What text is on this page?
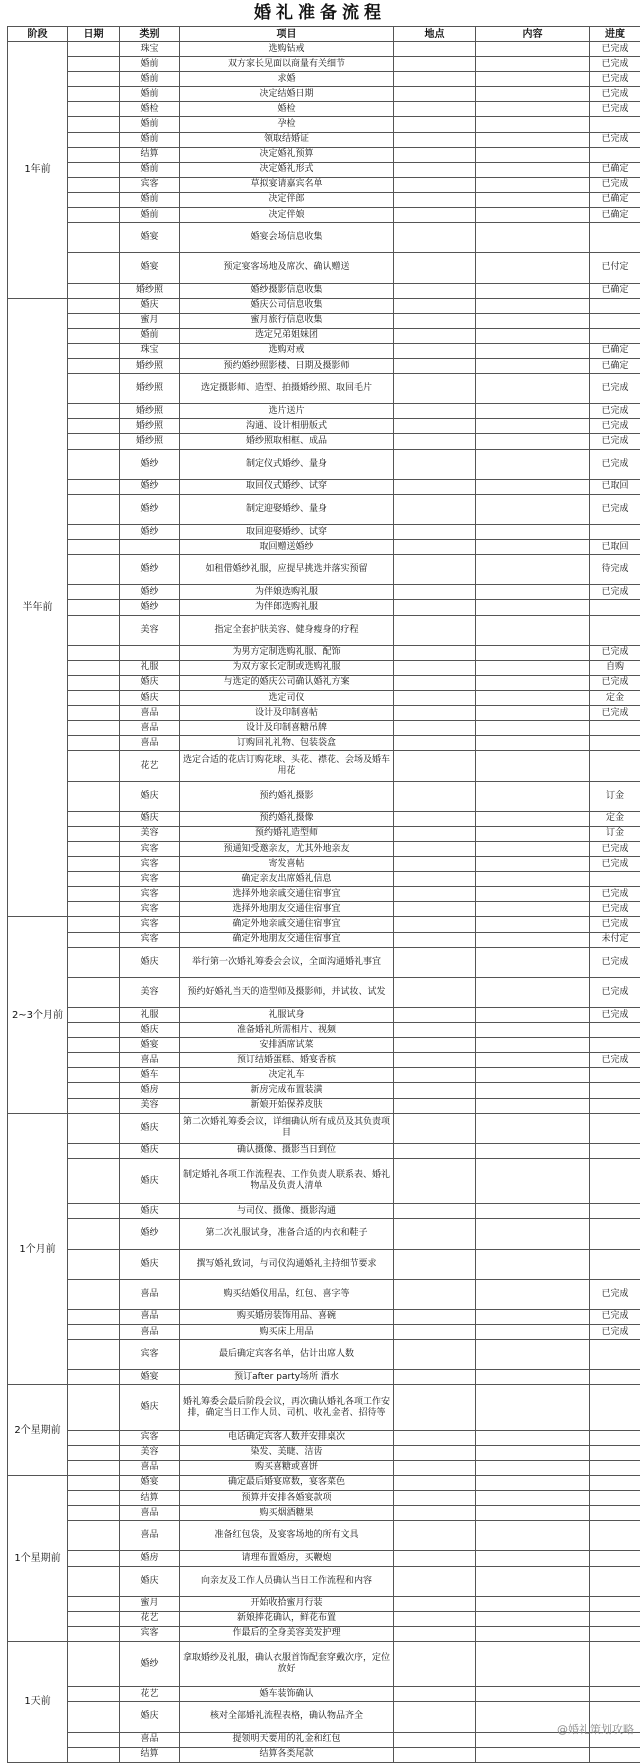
婚礼准备流程
阶段	日期	类别	项目	地点	内容	进度
1年前		珠宝	选购钻戒			已完成
		婚前	双方家长见面以商量有关细节			已完成
		婚前	求婚			已完成
		婚前	决定结婚日期			已完成
		婚检	婚检			已完成
		婚前	孕检			
		婚前	领取结婚证			已完成
		结算	决定婚礼预算			
		婚前	决定婚礼形式			已确定
		宾客	草拟宴请嘉宾名单			已完成
		婚前	决定伴郎			已确定
		婚前	决定伴娘			已确定
		婚宴	婚宴会场信息收集			
		婚宴	预定宴客场地及席次、确认赠送			已付定
		婚纱照	婚纱摄影信息收集			已确定
半年前		婚庆	婚庆公司信息收集			
		蜜月	蜜月旅行信息收集			
		婚前	选定兄弟姐妹团			
		珠宝	选购对戒			已确定
		婚纱照	预约婚纱照影楼、日期及摄影师			已确定
		婚纱照	选定摄影师、造型、拍摄婚纱照、取回毛片			已完成
		婚纱照	选片送片			已完成
		婚纱照	沟通、设计相册版式			已完成
		婚纱照	婚纱照取相框、成品			已完成
		婚纱	制定仪式婚纱、量身			已完成
		婚纱	取回仪式婚纱、试穿			已取回
		婚纱	制定迎娶婚纱、量身			已完成
		婚纱	取回迎娶婚纱、试穿			
			取回赠送婚纱			已取回
		婚纱	如租借婚纱礼服，应提早挑选并落实预留			待完成
		婚纱	为伴娘选购礼服			已完成
		婚纱	为伴郎选购礼服			
		美容	指定全套护肤美容、健身瘦身的疗程			
			为男方定制选购礼服、配饰			已完成
		礼服	为双方家长定制或选购礼服			自购
		婚庆	与选定的婚庆公司确认婚礼方案			已完成
		婚庆	选定司仪			定金
		喜品	设计及印制喜帖			已完成
		喜品	设计及印制喜糖吊牌			
		喜品	订购回礼礼物、包装袋盒			
		花艺	选定合适的花店订购花球、头花、襟花、会场及婚车用花			
		婚庆	预约婚礼摄影			订金
		婚庆	预约婚礼摄像			定金
		美容	预约婚礼造型师			订金
		宾客	预通知受邀亲友，尤其外地亲友			已完成
		宾客	寄发喜帖			已完成
		宾客	确定亲友出席婚礼信息			
		宾客	选择外地亲戚交通住宿事宜			已完成
		宾客	选择外地朋友交通住宿事宜			已完成
2~3个月前		宾客	确定外地亲戚交通住宿事宜			已完成
		宾客	确定外地朋友交通住宿事宜			未付定
		婚庆	举行第一次婚礼筹委会会议，全面沟通婚礼事宜			已完成
		美容	预约好婚礼当天的造型师及摄影师，并试妆、试发			已完成
		礼服	礼服试身			已完成
		婚庆	准备婚礼所需相片、视频			
		婚宴	安排酒席试菜			
		喜品	预订结婚蛋糕、婚宴香槟			已完成
		婚车	决定礼车			
		婚房	新房完成布置装潢			
		美容	新娘开始保养皮肤			
1个月前		婚庆	第二次婚礼筹委会议，详细确认所有成员及其负责项目			
		婚庆	确认摄像、摄影当日到位			
		婚庆	制定婚礼各项工作流程表、工作负责人联系表、婚礼物品及负责人清单			
		婚庆	与司仪、摄像、摄影沟通			
		婚纱	第二次礼服试身，准备合适的内衣和鞋子			
		婚庆	撰写婚礼致词，与司仪沟通婚礼主持细节要求			
		喜品	购买结婚仪用品，红包、喜字等			已完成
		喜品	购买婚房装饰用品、喜碗			已完成
		喜品	购买床上用品			已完成
		宾客	最后确定宾客名单，估计出席人数			
		婚宴	预订after party场所 酒水			
2个星期前		婚庆	婚礼筹委会最后阶段会议，再次确认婚礼各项工作安排，确定当日工作人员、司机、收礼金者、招待等			
		宾客	电话确定宾客人数并安排桌次			
		美容	染发、美睫、洁齿			
		喜品	购买喜糖或喜饼			
1个星期前		婚宴	确定最后婚宴席数，宴客菜色			
		结算	预算并安排各婚宴款项			
		喜品	购买烟酒糖果			
		喜品	准备红包袋，及宴客场地的所有文具			
		婚房	请理布置婚房，买鞭炮			
		婚庆	向亲友及工作人员确认当日工作流程和内容			
		蜜月	开始收拾蜜月行装			
		花艺	新娘捧花确认，鲜花布置			
		宾客	作最后的全身美容美发护理			
1天前		婚纱	拿取婚纱及礼服，确认衣服首饰配套穿戴次序，定位放好			
		花艺	婚车装饰确认			
		婚庆	核对全部婚礼流程表格，确认物品齐全			
		喜品	提领明天要用的礼金和红包			
		结算	结算各类尾款			
@婚礼策划攻略
